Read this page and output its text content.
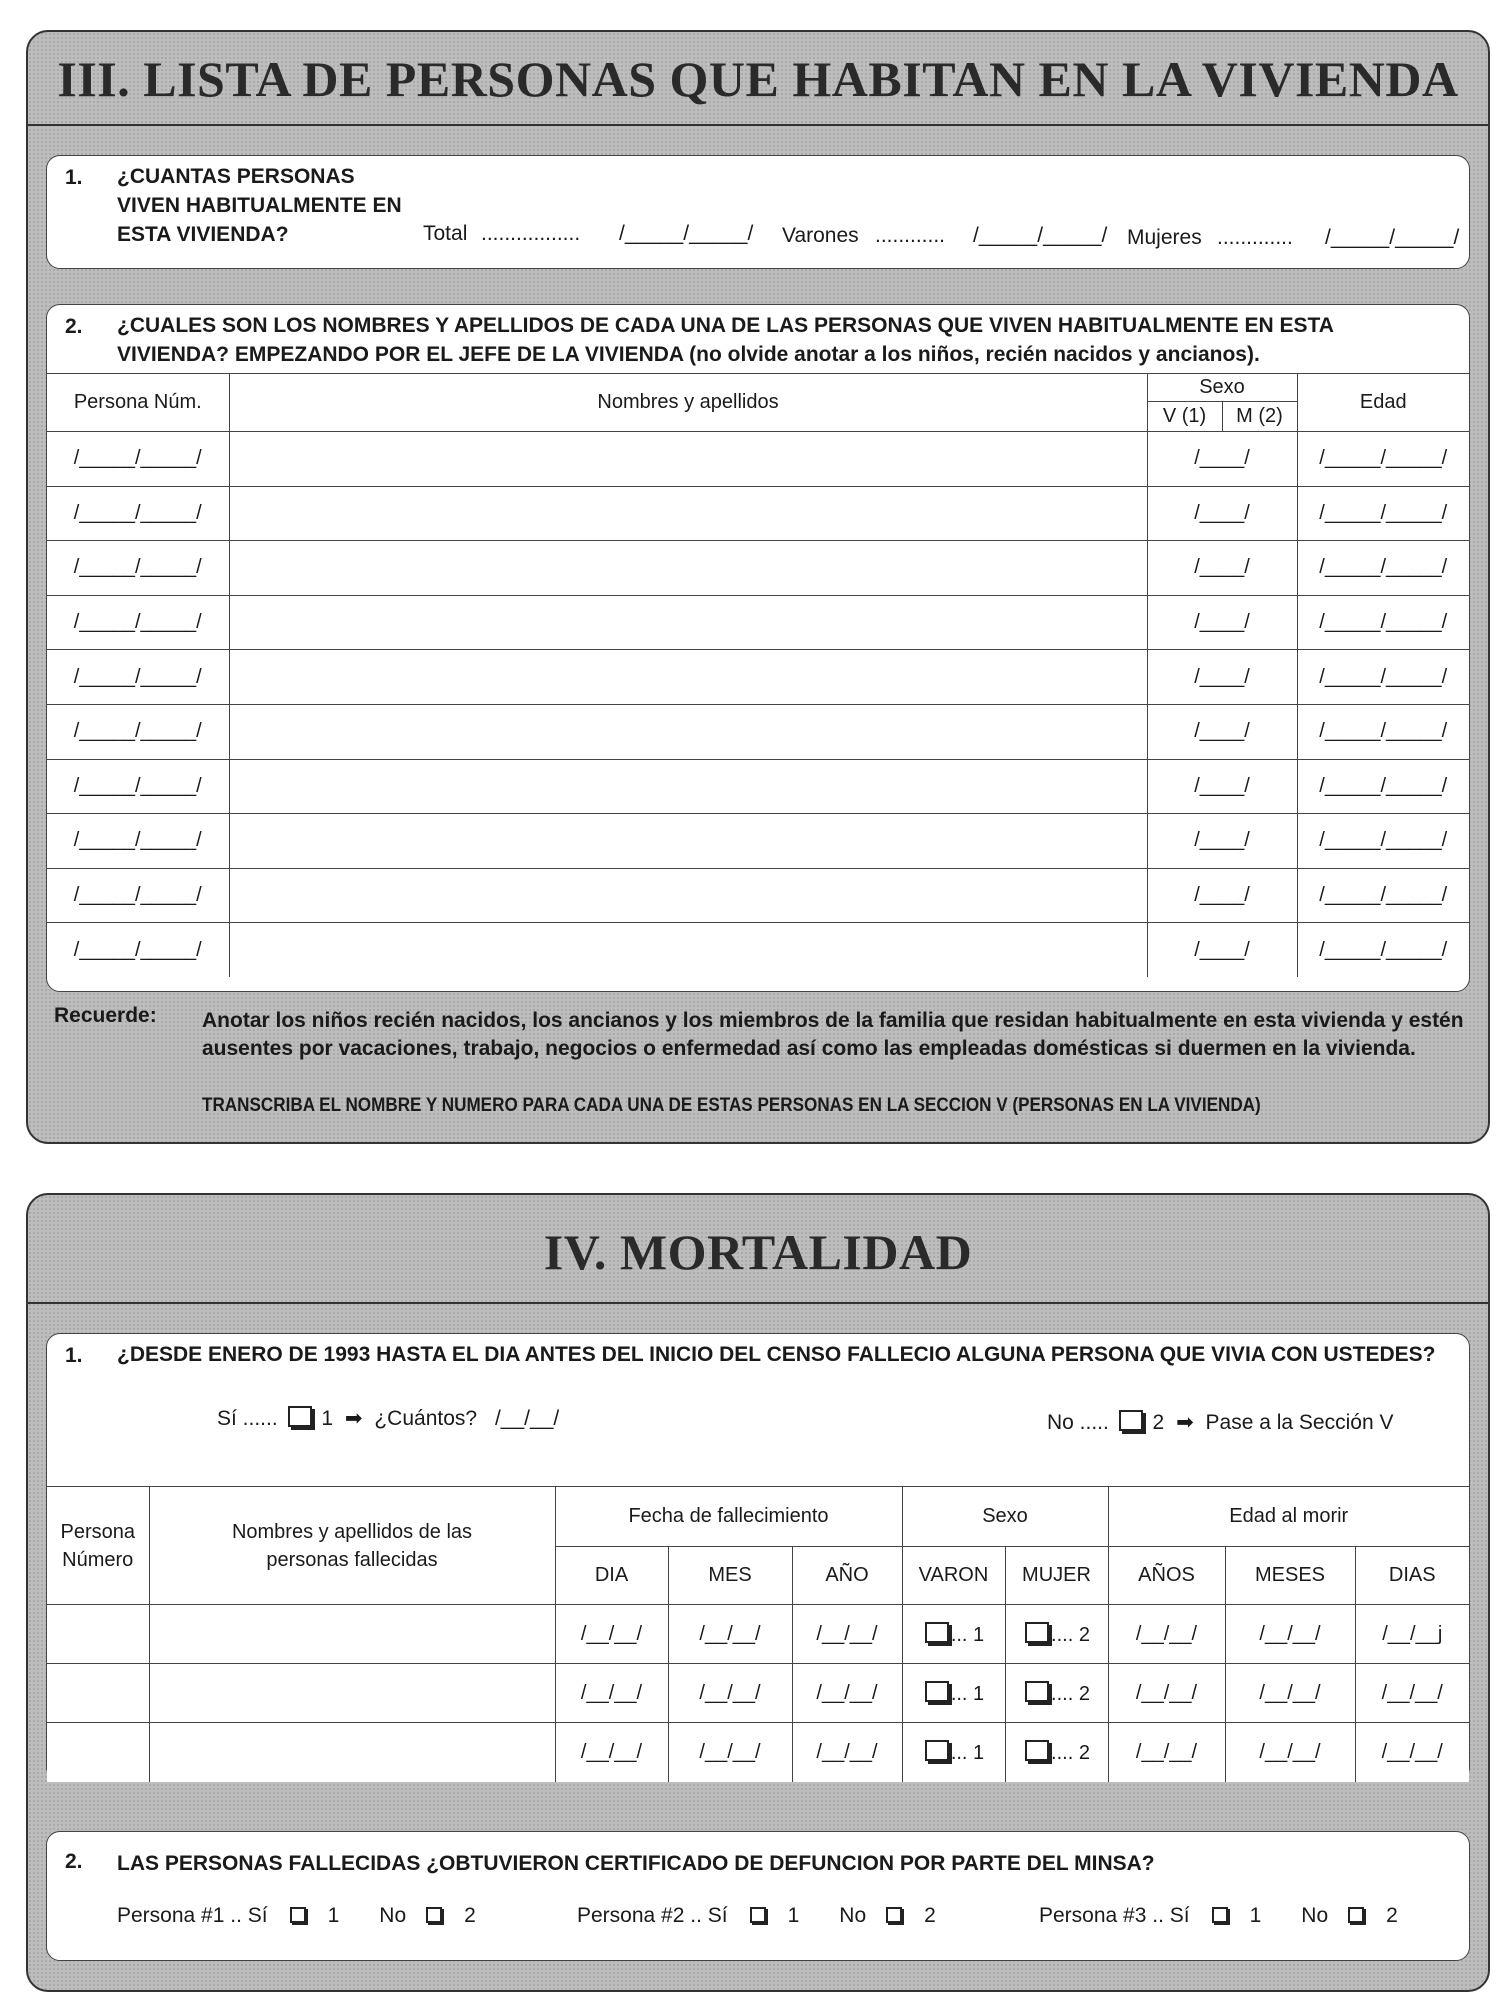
III. LISTA DE PERSONAS QUE HABITAN EN LA VIVIENDA
1. ¿CUANTAS PERSONAS VIVEN HABITUALMENTE EN ESTA VIVIENDA?	Total ................. /_____/_____/ Varones ............ /_____/_____/ Mujeres ............. /_____/_____/
2. ¿CUALES SON LOS NOMBRES Y APELLIDOS DE CADA UNA DE LAS PERSONAS QUE VIVEN HABITUALMENTE EN ESTA VIVIENDA? EMPEZANDO POR EL JEFE DE LA VIVIENDA (no olvide anotar a los niños, recién nacidos y ancianos).
Persona Núm.	Nombres y apellidos	Sexo		Edad
		V (1)	M (2)	
/_____/_____/		/____/		/_____/_____/
/_____/_____/		/____/		/_____/_____/
/_____/_____/		/____/		/_____/_____/
/_____/_____/		/____/		/_____/_____/
/_____/_____/		/____/		/_____/_____/
/_____/_____/		/____/		/_____/_____/
/_____/_____/		/____/		/_____/_____/
/_____/_____/		/____/		/_____/_____/
/_____/_____/		/____/		/_____/_____/
/_____/_____/		/____/		/_____/_____/
Recuerde: Anotar los niños recién nacidos, los ancianos y los miembros de la familia que residan habitualmente en esta vivienda y estén ausentes por vacaciones, trabajo, negocios o enfermedad así como las empleadas domésticas si duermen en la vivienda.
TRANSCRIBA EL NOMBRE Y NUMERO PARA CADA UNA DE ESTAS PERSONAS EN LA SECCION V (PERSONAS EN LA VIVIENDA)
IV. MORTALIDAD
1. ¿DESDE ENERO DE 1993 HASTA EL DIA ANTES DEL INICIO DEL CENSO FALLECIO ALGUNA PERSONA QUE VIVIA CON USTEDES?
Sí ...... 1 ➡ ¿Cuántos? /__/__/	No ..... 2 ➡ Pase a la Sección V
Persona Número	Nombres y apellidos de las personas fallecidas	Fecha de fallecimiento			Sexo		Edad al morir		
		DIA	MES	AÑO	VARON	MUJER	AÑOS	MESES	DIAS
		/__/__/	/__/__/	/__/__/	... 1	.... 2	/__/__/	/__/__/	/__/__j
		/__/__/	/__/__/	/__/__/	... 1	.... 2	/__/__/	/__/__/	/__/__/
		/__/__/	/__/__/	/__/__/	... 1	.... 2	/__/__/	/__/__/	/__/__/
2. LAS PERSONAS FALLECIDAS ¿OBTUVIERON CERTIFICADO DE DEFUNCION POR PARTE DEL MINSA?
Persona #1 .. Sí	1 No	2	Persona #2 .. Sí	1 No	2	Persona #3 .. Sí	1 No	2
